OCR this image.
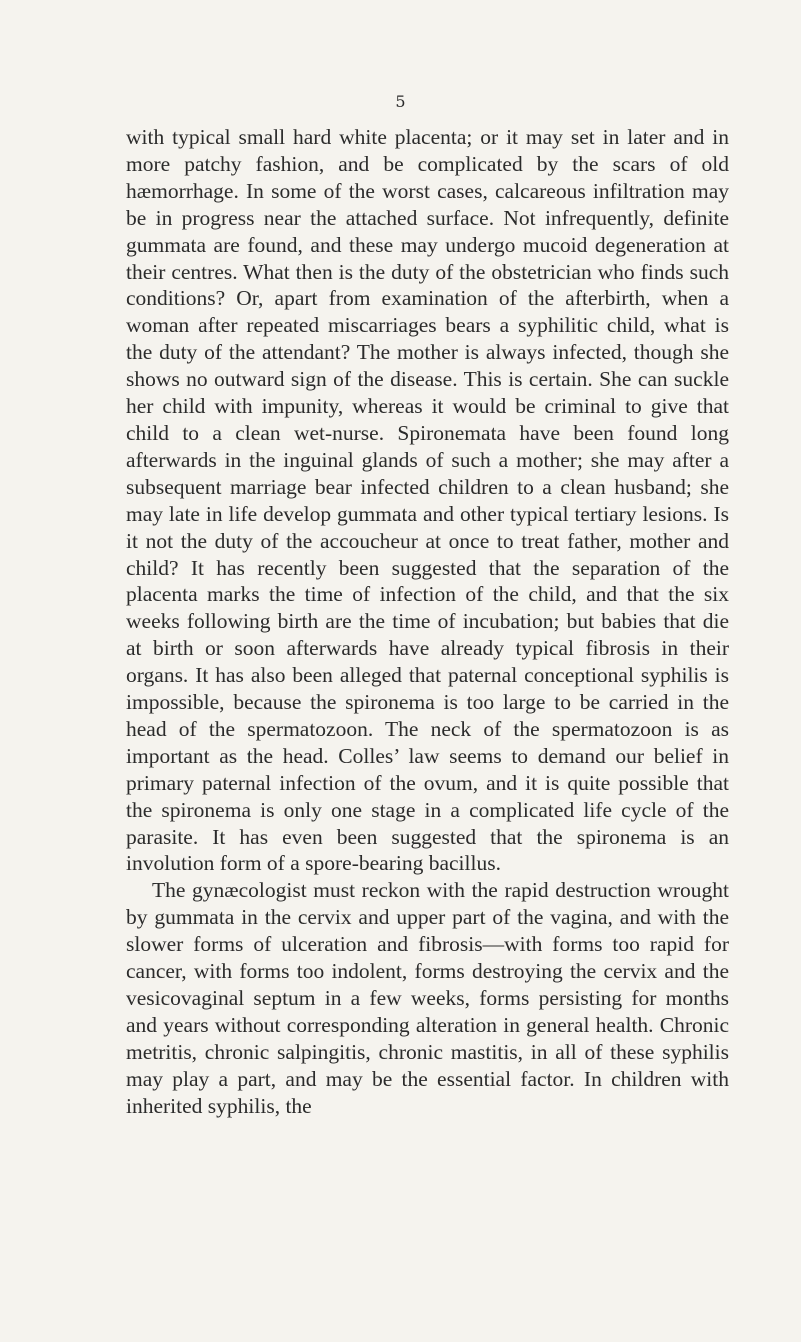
5

with typical small hard white placenta; or it may set in later and in more patchy fashion, and be complicated by the scars of old hæmorrhage. In some of the worst cases, calcareous infiltration may be in progress near the attached surface. Not infrequently, definite gummata are found, and these may undergo mucoid degeneration at their centres. What then is the duty of the obstetrician who finds such conditions? Or, apart from examination of the afterbirth, when a woman after repeated miscarriages bears a syphilitic child, what is the duty of the attendant? The mother is always infected, though she shows no outward sign of the disease. This is certain. She can suckle her child with impunity, whereas it would be criminal to give that child to a clean wet-nurse. Spironemata have been found long afterwards in the inguinal glands of such a mother; she may after a subsequent marriage bear infected children to a clean husband; she may late in life develop gummata and other typical tertiary lesions. Is it not the duty of the accoucheur at once to treat father, mother and child? It has recently been suggested that the separation of the placenta marks the time of infection of the child, and that the six weeks following birth are the time of incubation; but babies that die at birth or soon afterwards have already typical fibrosis in their organs. It has also been alleged that paternal conceptional syphilis is impossible, because the spironema is too large to be carried in the head of the spermatozoon. The neck of the spermatozoon is as important as the head. Colles’ law seems to demand our belief in primary paternal infection of the ovum, and it is quite possible that the spironema is only one stage in a complicated life cycle of the parasite. It has even been suggested that the spironema is an involution form of a spore-bearing bacillus.

The gynæcologist must reckon with the rapid destruction wrought by gummata in the cervix and upper part of the vagina, and with the slower forms of ulceration and fibrosis—with forms too rapid for cancer, with forms too indolent, forms destroying the cervix and the vesicovaginal septum in a few weeks, forms persisting for months and years without corresponding alteration in general health. Chronic metritis, chronic salpingitis, chronic mastitis, in all of these syphilis may play a part, and may be the essential factor. In children with inherited syphilis, the
